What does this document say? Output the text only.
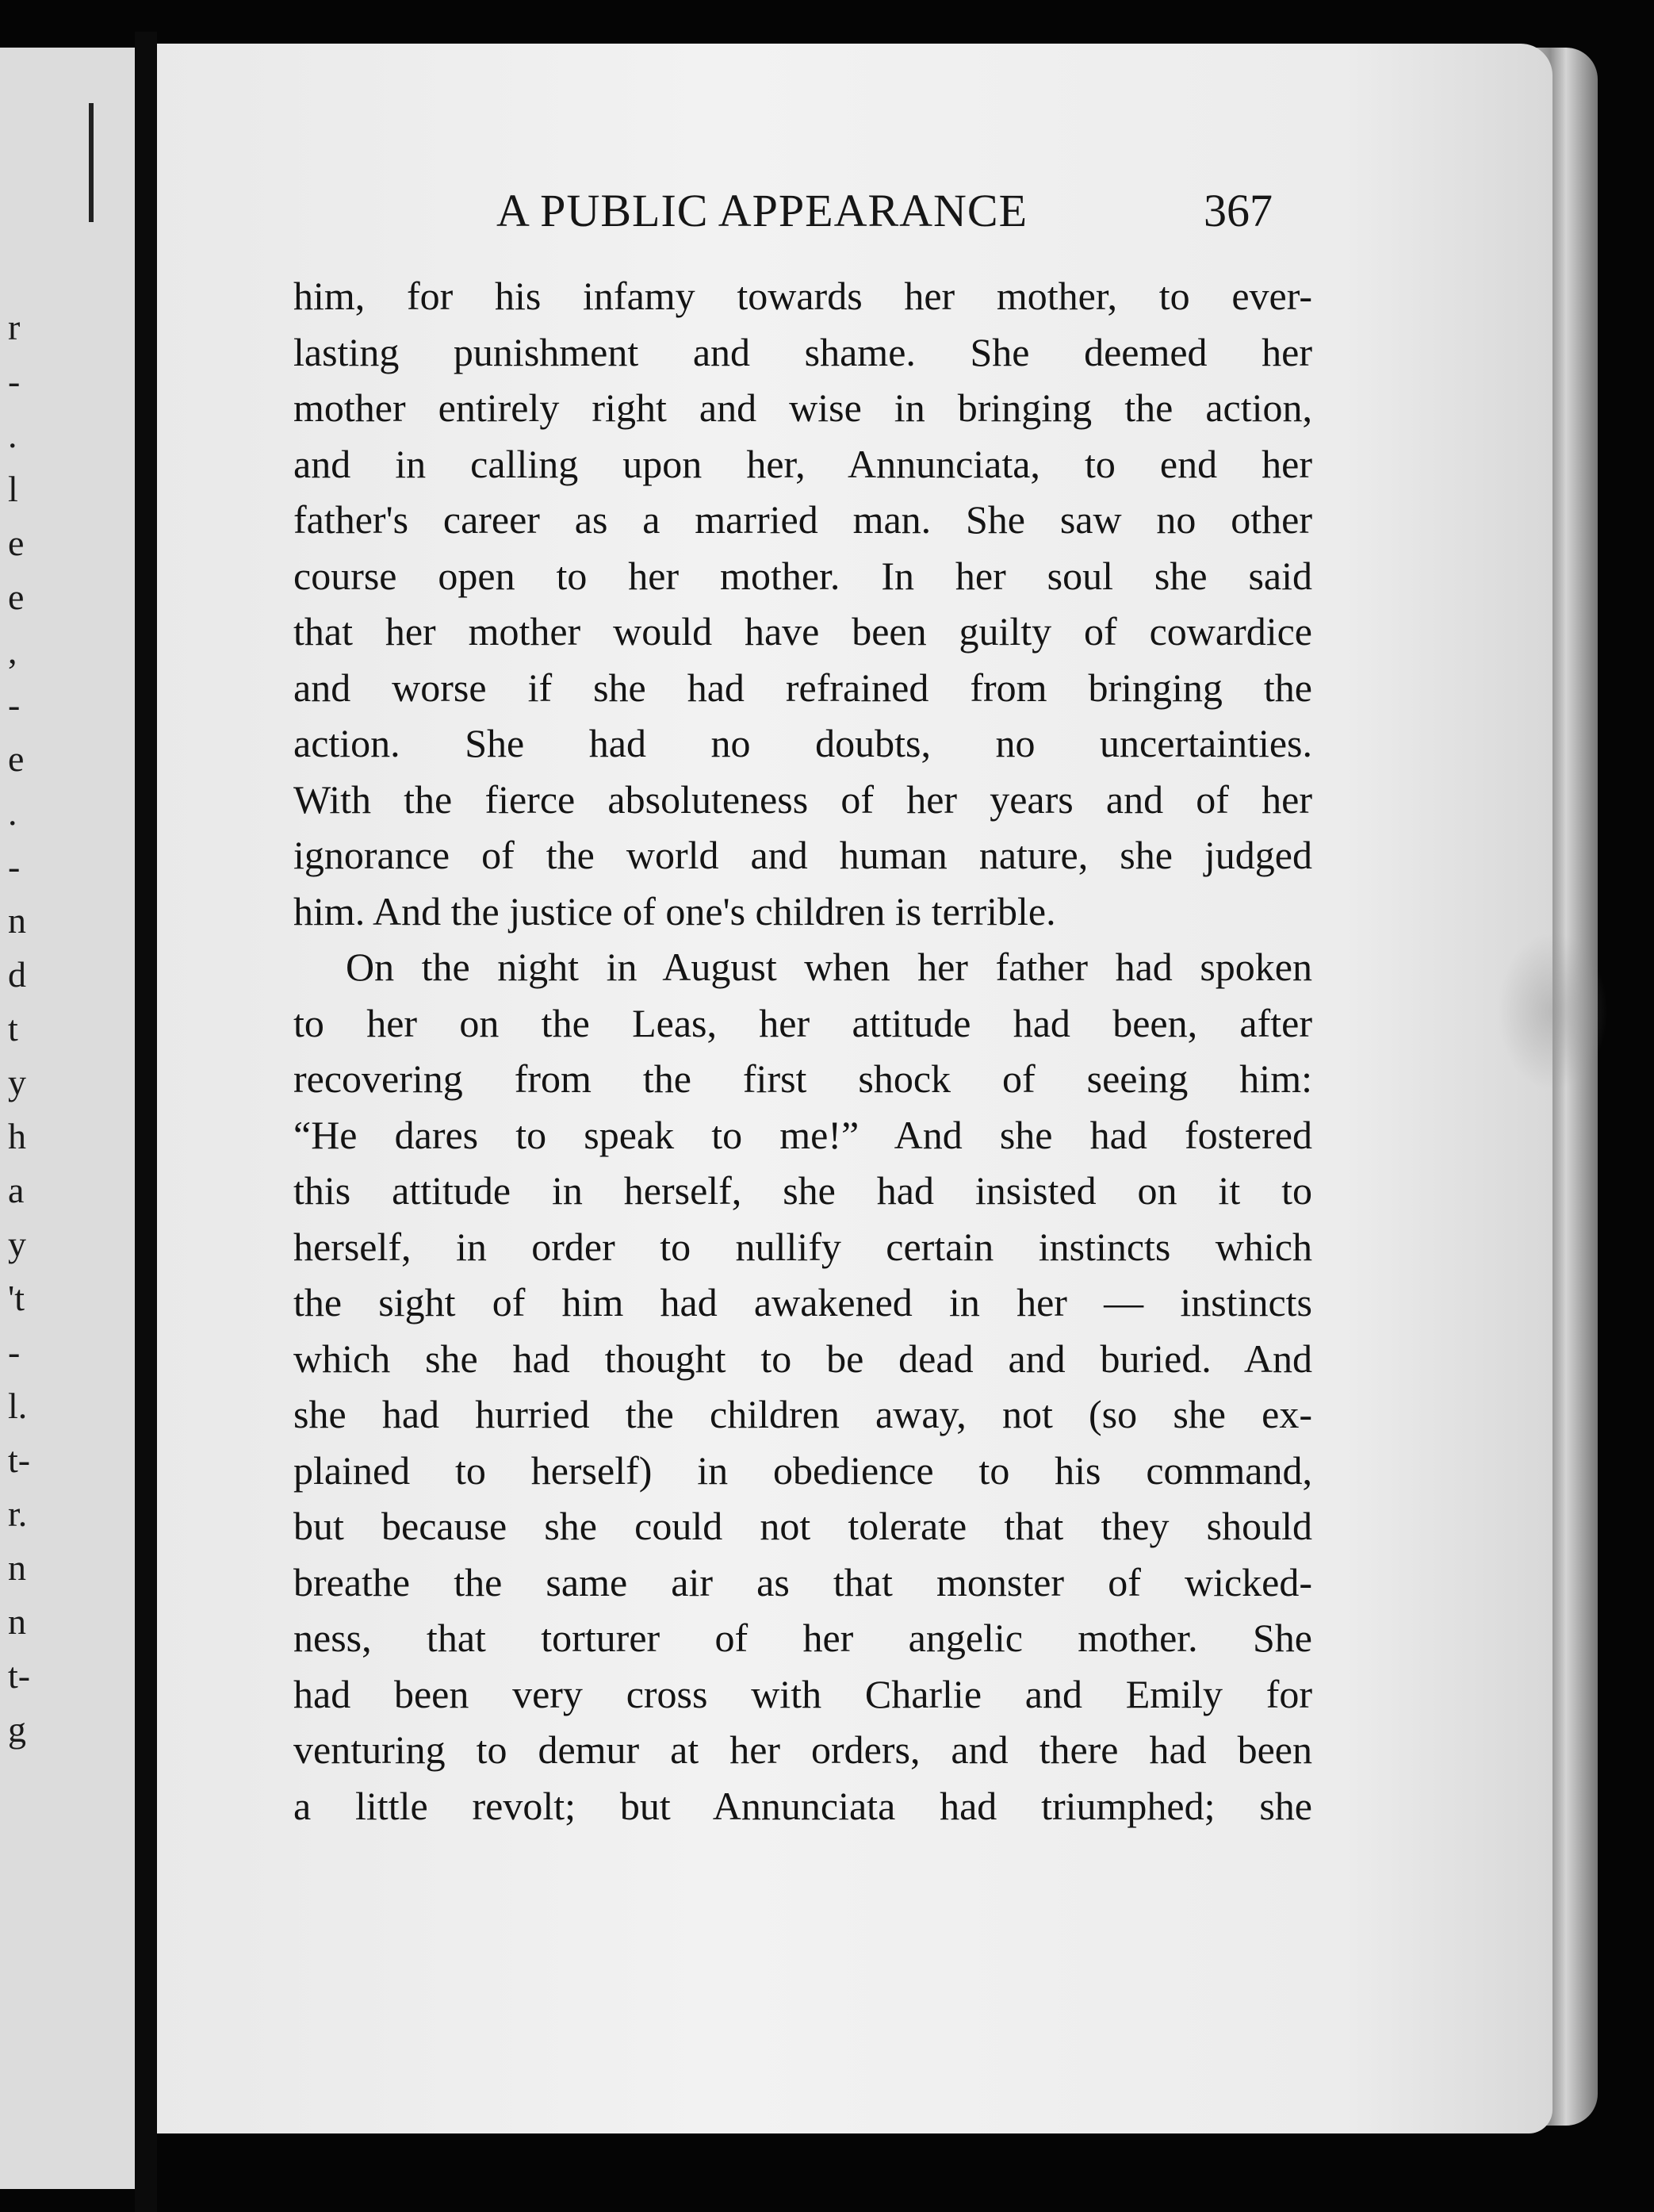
r
-
.
l
e
e
,
-
e
.
-
n
d
t
y
h
a
y
't
-
l.
t-
r.
n
n
t-
g
A PUBLIC APPEARANCE	367
him, for his infamy towards her mother, to ever-
lasting punishment and shame. She deemed her
mother entirely right and wise in bringing the action,
and in calling upon her, Annunciata, to end her
father's career as a married man. She saw no other
course open to her mother. In her soul she said
that her mother would have been guilty of cowardice
and worse if she had refrained from bringing the
action. She had no doubts, no uncertainties.
With the fierce absoluteness of her years and of her
ignorance of the world and human nature, she judged
him. And the justice of one's children is terrible.
On the night in August when her father had spoken
to her on the Leas, her attitude had been, after
recovering from the first shock of seeing him:
“He dares to speak to me!” And she had fostered
this attitude in herself, she had insisted on it to
herself, in order to nullify certain instincts which
the sight of him had awakened in her — instincts
which she had thought to be dead and buried. And
she had hurried the children away, not (so she ex-
plained to herself) in obedience to his command,
but because she could not tolerate that they should
breathe the same air as that monster of wicked-
ness, that torturer of her angelic mother. She
had been very cross with Charlie and Emily for
venturing to demur at her orders, and there had been
a little revolt; but Annunciata had triumphed; she
